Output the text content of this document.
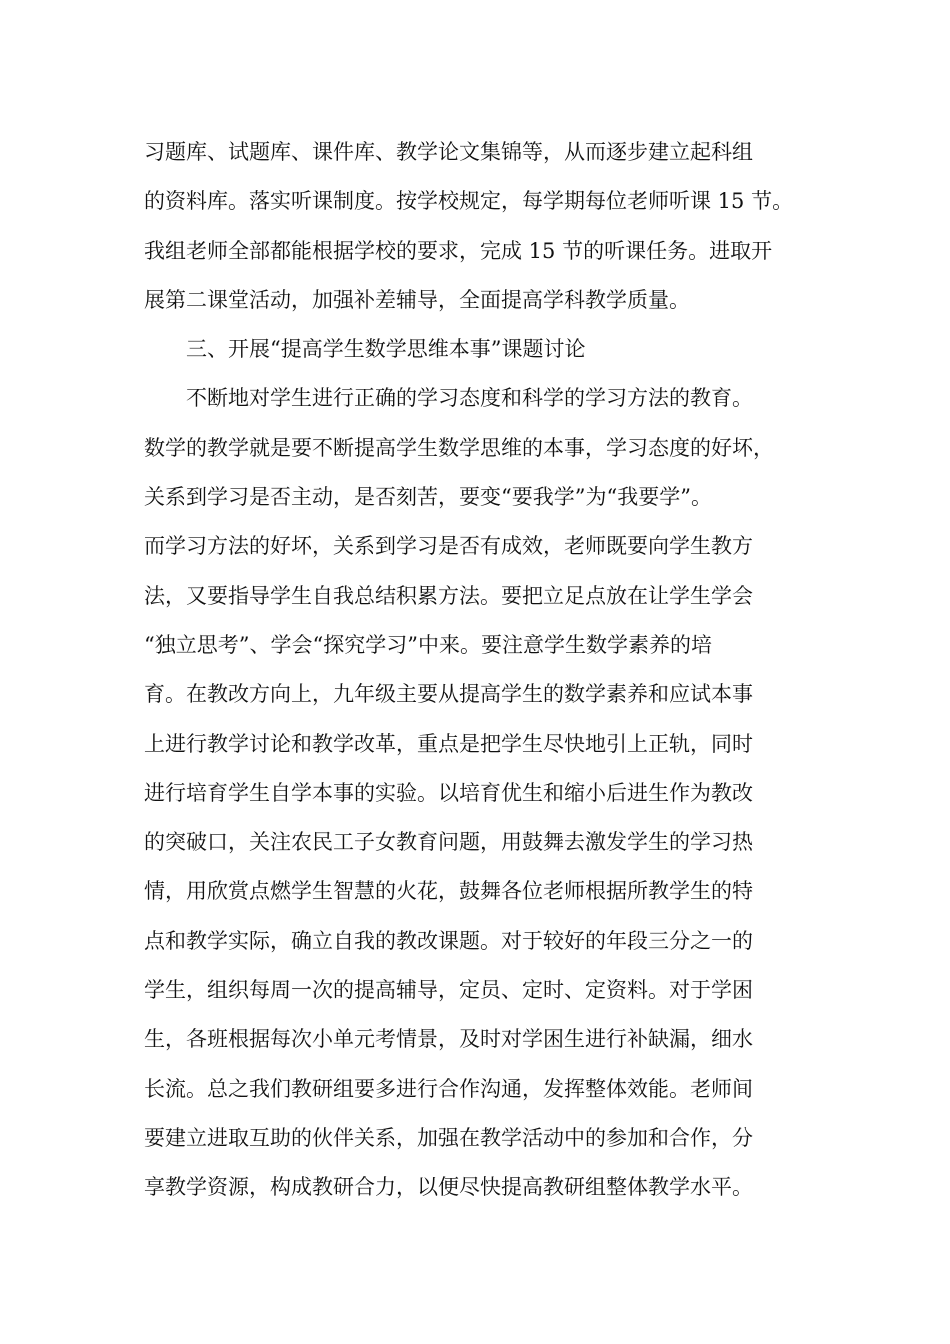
习题库、试题库、课件库、教学论文集锦等，从而逐步建立起科组
的资料库。落实听课制度。按学校规定，每学期每位老师听课 15 节。
我组老师全部都能根据学校的要求，完成 15 节的听课任务。进取开
展第二课堂活动，加强补差辅导，全面提高学科教学质量。
三、开展“提高学生数学思维本事”课题讨论
不断地对学生进行正确的学习态度和科学的学习方法的教育。
数学的教学就是要不断提高学生数学思维的本事，学习态度的好坏，
关系到学习是否主动，是否刻苦，要变“要我学”为“我要学”。
而学习方法的好坏，关系到学习是否有成效，老师既要向学生教方
法，又要指导学生自我总结积累方法。要把立足点放在让学生学会
“独立思考”、学会“探究学习”中来。要注意学生数学素养的培
育。在教改方向上，九年级主要从提高学生的数学素养和应试本事
上进行教学讨论和教学改革，重点是把学生尽快地引上正轨，同时
进行培育学生自学本事的实验。以培育优生和缩小后进生作为教改
的突破口，关注农民工子女教育问题，用鼓舞去激发学生的学习热
情，用欣赏点燃学生智慧的火花，鼓舞各位老师根据所教学生的特
点和教学实际，确立自我的教改课题。对于较好的年段三分之一的
学生，组织每周一次的提高辅导，定员、定时、定资料。对于学困
生，各班根据每次小单元考情景，及时对学困生进行补缺漏，细水
长流。总之我们教研组要多进行合作沟通，发挥整体效能。老师间
要建立进取互助的伙伴关系，加强在教学活动中的参加和合作，分
享教学资源，构成教研合力，以便尽快提高教研组整体教学水平。
